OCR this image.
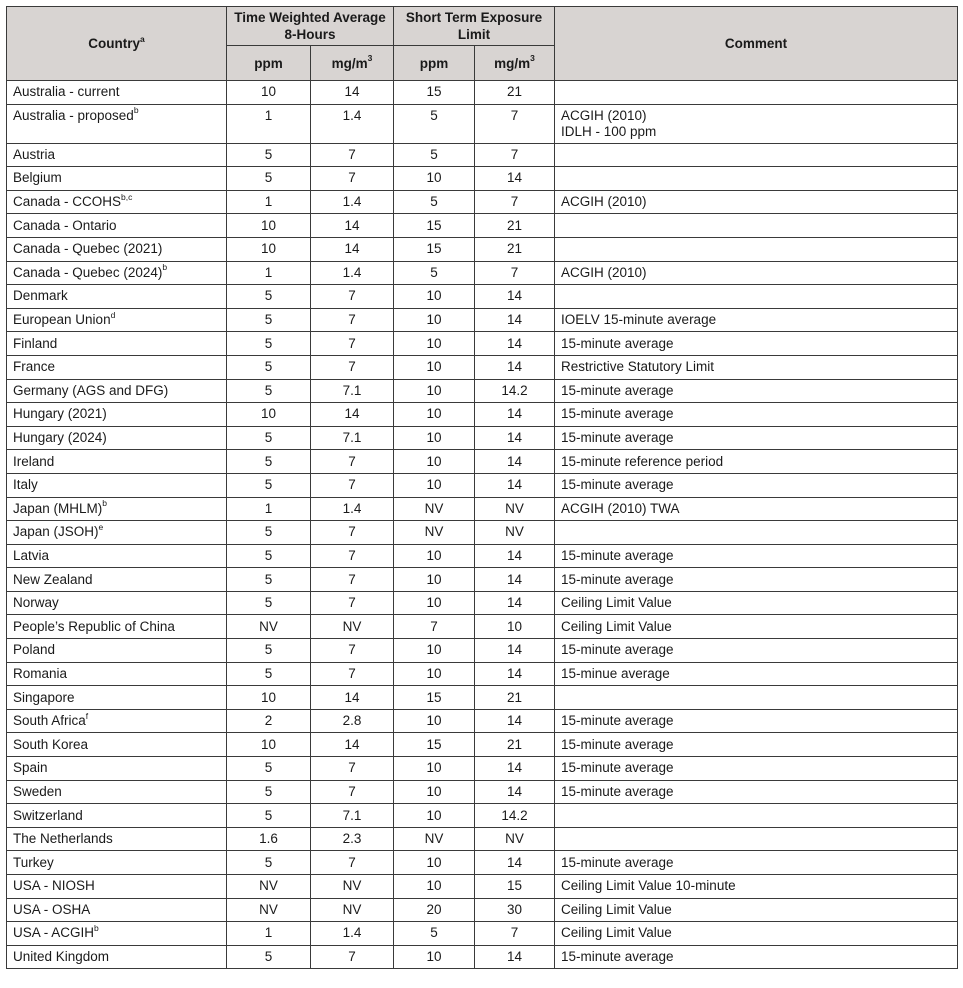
Country$^a$	Time Weighted Average 8-Hours		Short Term Exposure Limit		Comment
	ppm	$mg/m^3$	ppm	$mg/m^3$
Australia - current	10	14	15	21	

Australia - proposed$^b$	1	1.4	5	7	ACGIH (2010)
IDLH - 100 ppm

Austria	5	7	5	7	

Belgium	5	7	10	14	

Canada - CCOHS$^{b,c}$	1	1.4	5	7	ACGIH (2010)

Canada - Ontario	10	14	15	21	

Canada - Quebec (2021)	10	14	15	21	

Canada - Quebec $(2024)^b$	1	1.4	5	7	ACGIH (2010)

Denmark	5	7	10	14	

European Union$^d$	5	7	10	14	IOELV 15-minute average

Finland	5	7	10	14	15-minute average

France	5	7	10	14	Restrictive Statutory Limit

Germany (AGS and DFG)	5	7.1	10	14.2	15-minute average

Hungary (2021)	10	14	10	14	15-minute average

Hungary (2024)	5	7.1	10	14	15-minute average

Ireland	5	7	10	14	15-minute reference period

Italy	5	7	10	14	15-minute average

Japan (MHLM)$^b$	1	1.4	NV	NV	ACGIH (2010) TWA

Japan (JSOH)$^e$	5	7	NV	NV	

Latvia	5	7	10	14	15-minute average

New Zealand	5	7	10	14	15-minute average

Norway	5	7	10	14	Ceiling Limit Value

People’s Republic of China	NV	NV	7	10	Ceiling Limit Value

Poland	5	7	10	14	15-minute average

Romania	5	7	10	14	15-minue average

Singapore	10	14	15	21	

South Africa$^f$	2	2.8	10	14	15-minute average

South Korea	10	14	15	21	15-minute average

Spain	5	7	10	14	15-minute average

Sweden	5	7	10	14	15-minute average

Switzerland	5	7.1	10	14.2	

The Netherlands	1.6	2.3	NV	NV	

Turkey	5	7	10	14	15-minute average

USA - NIOSH	NV	NV	10	15	Ceiling Limit Value 10-minute

USA - OSHA	NV	NV	20	30	Ceiling Limit Value

USA - ACGIH$^b$	1	1.4	5	7	Ceiling Limit Value

United Kingdom	5	7	10	14	15-minute average
